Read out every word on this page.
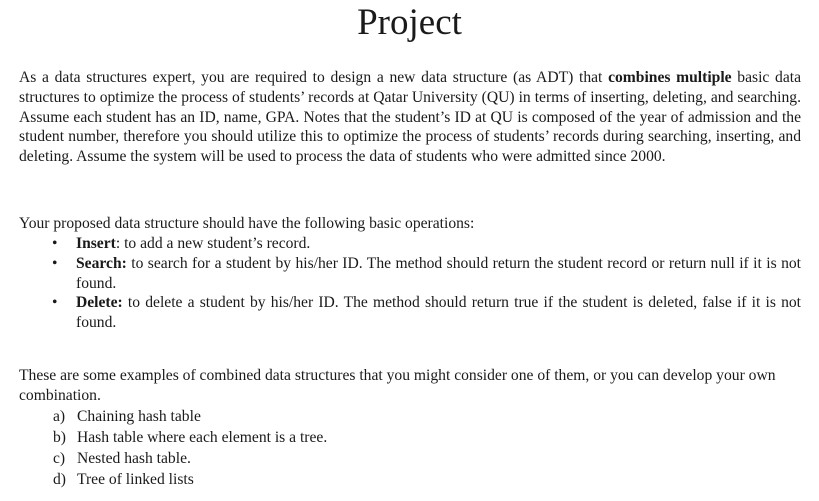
Project

As a data structures expert, you are required to design a new data structure (as ADT) that combines multiple basic data structures to optimize the process of students’ records at Qatar University (QU) in terms of inserting, deleting, and searching. Assume each student has an ID, name, GPA. Notes that the student’s ID at QU is composed of the year of admission and the student number, therefore you should utilize this to optimize the process of students’ records during searching, inserting, and deleting. Assume the system will be used to process the data of students who were admitted since 2000.

Your proposed data structure should have the following basic operations:

• Insert: to add a new student’s record.
• Search: to search for a student by his/her ID. The method should return the student record or return null if it is not found.
• Delete: to delete a student by his/her ID. The method should return true if the student is deleted, false if it is not found.

These are some examples of combined data structures that you might consider one of them, or you can develop your own combination.

a) Chaining hash table
b) Hash table where each element is a tree.
c) Nested hash table.
d) Tree of linked lists
